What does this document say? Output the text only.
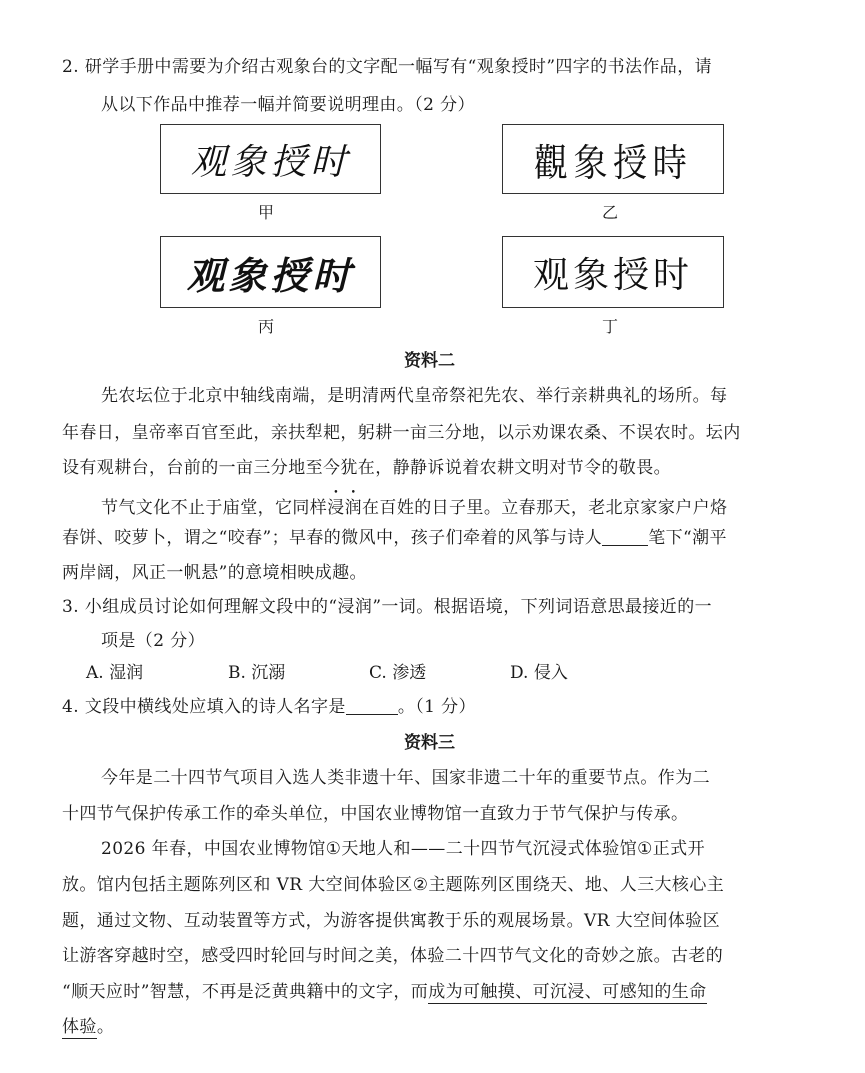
2. 研学手册中需要为介绍古观象台的文字配一幅写有“观象授时”四字的书法作品，请
从以下作品中推荐一幅并简要说明理由。（2 分）
观象授时
甲
觀象授時
乙
观象授时
丙
观象授时
丁
资料二
先农坛位于北京中轴线南端，是明清两代皇帝祭祀先农、举行亲耕典礼的场所。每
年春日，皇帝率百官至此，亲扶犁耙，躬耕一亩三分地，以示劝课农桑、不误农时。坛内
设有观耕台，台前的一亩三分地至今犹在，静静诉说着农耕文明对节令的敬畏。
节气文化不止于庙堂，它同样浸润在百姓的日子里。立春那天，老北京家家户户烙
春饼、咬萝卜，谓之“咬春”；早春的微风中，孩子们牵着的风筝与诗人	笔下“潮平
两岸阔，风正一帆悬”的意境相映成趣。
3. 小组成员讨论如何理解文段中的“浸润”一词。根据语境，下列词语意思最接近的一
项是（2 分）
A. 湿润	B. 沉溺	C. 渗透	D. 侵入
4. 文段中横线处应填入的诗人名字是	。（1 分）
资料三
今年是二十四节气项目入选人类非遗十年、国家非遗二十年的重要节点。作为二
十四节气保护传承工作的牵头单位，中国农业博物馆一直致力于节气保护与传承。
2026 年春，中国农业博物馆①天地人和——二十四节气沉浸式体验馆①正式开
放。馆内包括主题陈列区和 VR 大空间体验区②主题陈列区围绕天、地、人三大核心主
题，通过文物、互动装置等方式，为游客提供寓教于乐的观展场景。VR 大空间体验区
让游客穿越时空，感受四时轮回与时间之美，体验二十四节气文化的奇妙之旅。古老的
“顺天应时”智慧，不再是泛黄典籍中的文字，而成为可触摸、可沉浸、可感知的生命
体验。
